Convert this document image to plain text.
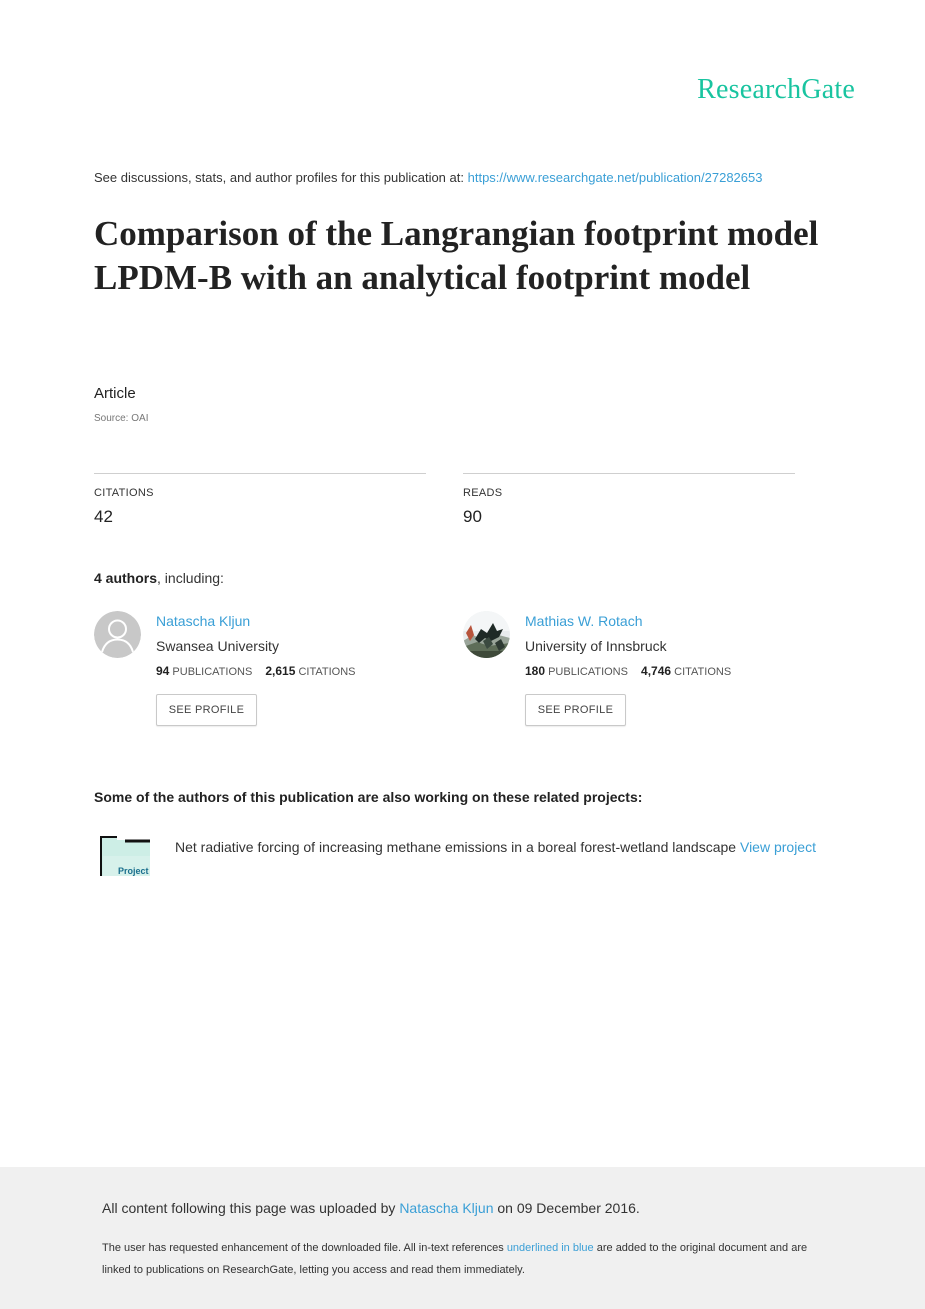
ResearchGate
See discussions, stats, and author profiles for this publication at: https://www.researchgate.net/publication/27282653
Comparison of the Langrangian footprint model LPDM-B with an analytical footprint model
Article
Source: OAI
CITATIONS
42
READS
90
4 authors, including:
Natascha Kljun
Swansea University
94 PUBLICATIONS 2,615 CITATIONS
SEE PROFILE
Mathias W. Rotach
University of Innsbruck
180 PUBLICATIONS 4,746 CITATIONS
SEE PROFILE
Some of the authors of this publication are also working on these related projects:
Project
Net radiative forcing of increasing methane emissions in a boreal forest-wetland landscape View project
All content following this page was uploaded by Natascha Kljun on 09 December 2016.
The user has requested enhancement of the downloaded file. All in-text references underlined in blue are added to the original document and are linked to publications on ResearchGate, letting you access and read them immediately.
